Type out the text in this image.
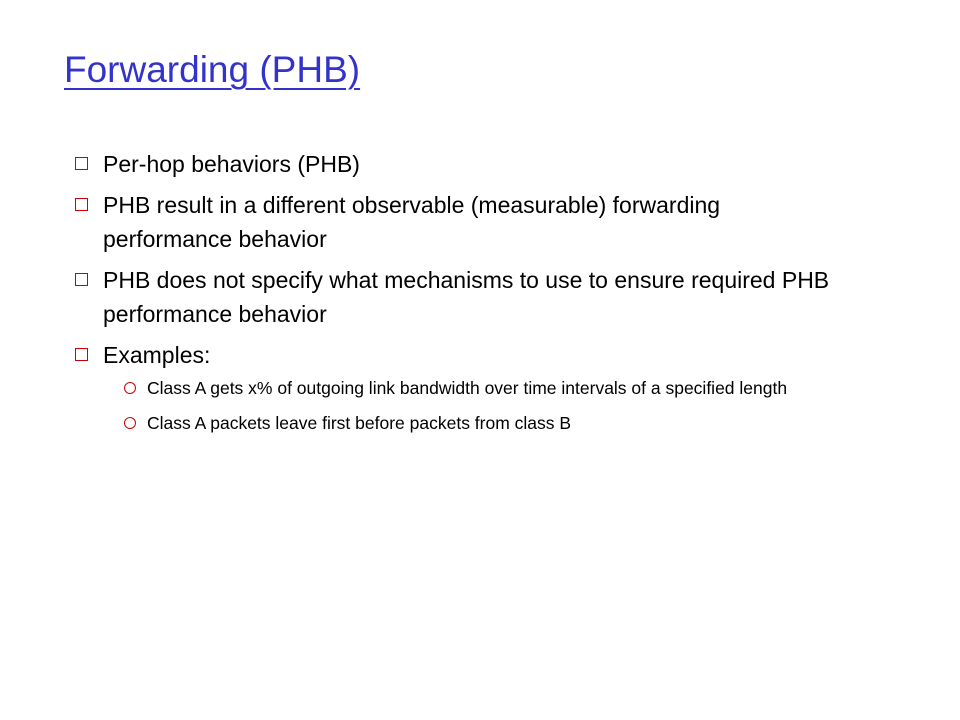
Forwarding (PHB)
Per-hop behaviors (PHB)
PHB result in a different observable (measurable) forwarding performance behavior
PHB does not specify what mechanisms to use to ensure required PHB performance behavior
Examples:
Class A gets x% of outgoing link bandwidth over time intervals of a specified length
Class A packets leave first before packets from class B
